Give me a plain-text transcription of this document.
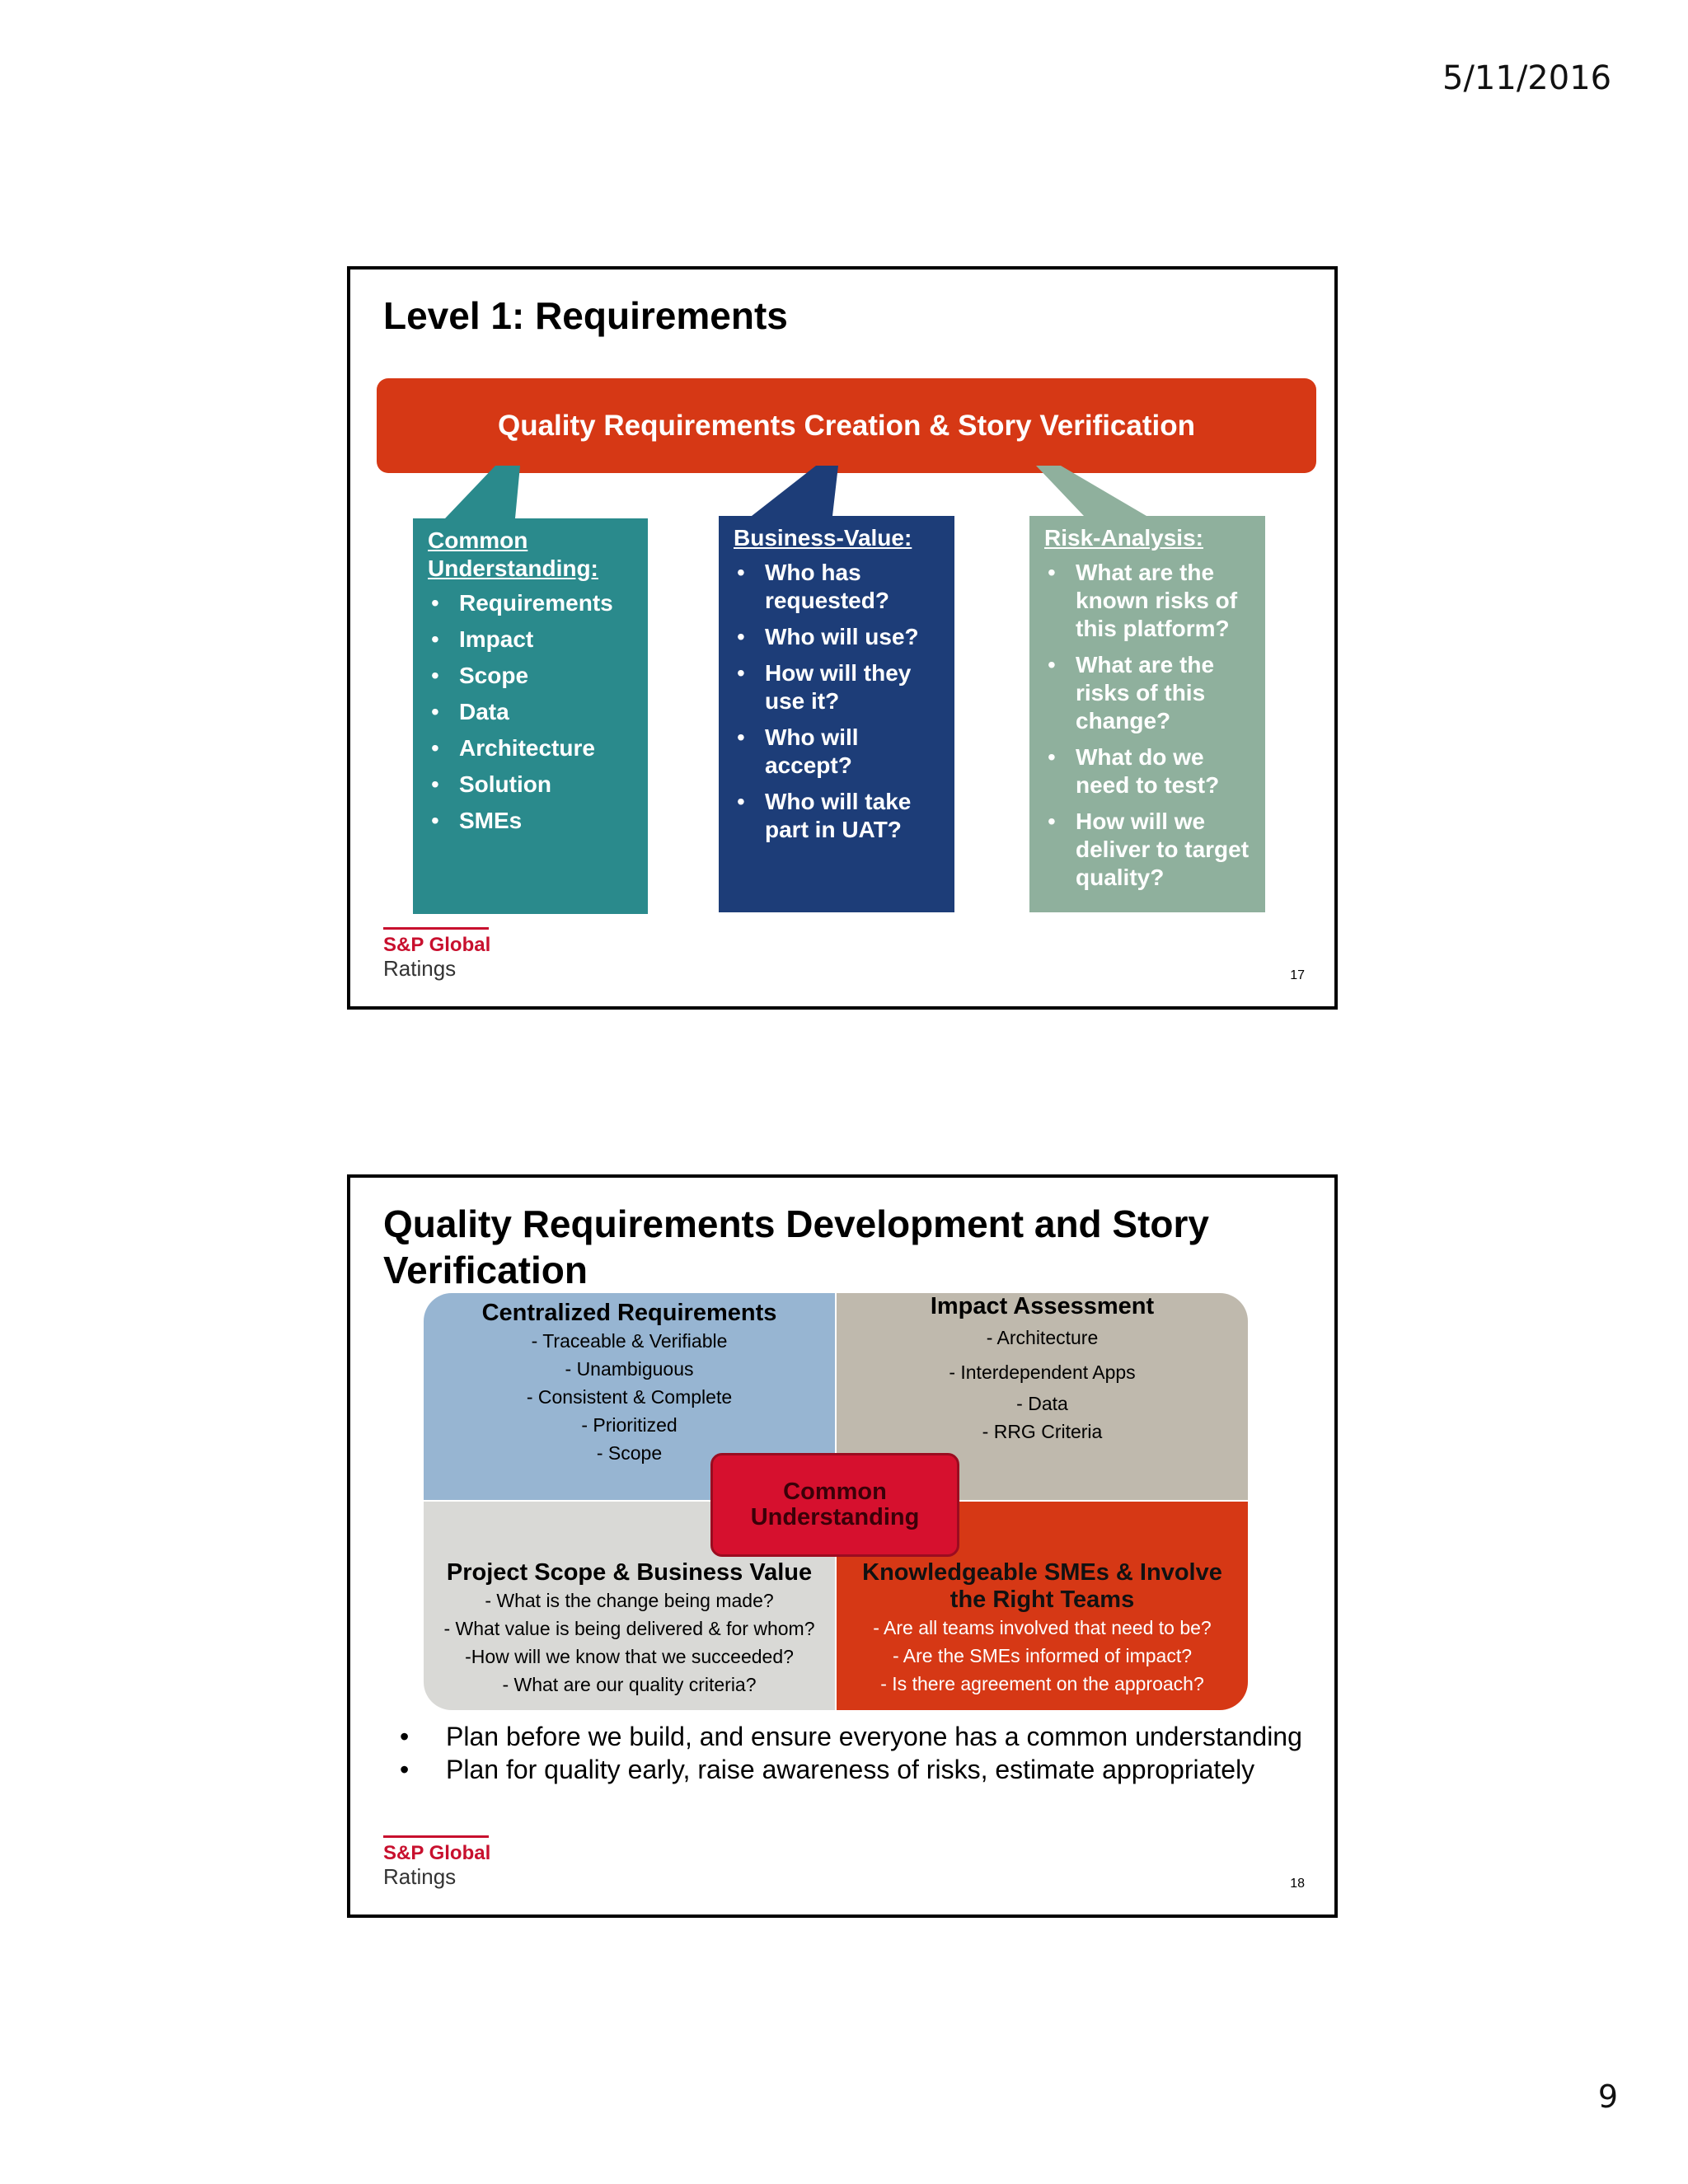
5/11/2016
Level 1: Requirements
Quality Requirements Creation & Story Verification
Common Understanding:
• Requirements
• Impact
• Scope
• Data
• Architecture
• Solution
• SMEs
Business-Value:
• Who has requested?
• Who will use?
• How will they use it?
• Who will accept?
• Who will take part in UAT?
Risk-Analysis:
• What are the known risks of this platform?
• What are the risks of this change?
• What do we need to test?
• How will we deliver to target quality?
S&P Global
Ratings	17
Quality Requirements Development and Story Verification
Centralized Requirements
- Traceable & Verifiable
- Unambiguous
- Consistent & Complete
- Prioritized
- Scope
Impact Assessment
- Architecture
- Interdependent Apps
- Data
- RRG Criteria
Project Scope & Business Value
- What is the change being made?
- What value is being delivered & for whom?
-How will we know that we succeeded?
- What are our quality criteria?
Knowledgeable SMEs & Involve the Right Teams
- Are all teams involved that need to be?
- Are the SMEs informed of impact?
- Is there agreement on the approach?
Common
Understanding
• Plan before we build, and ensure everyone has a common understanding
• Plan for quality early, raise awareness of risks, estimate appropriately
S&P Global
Ratings	18
9
